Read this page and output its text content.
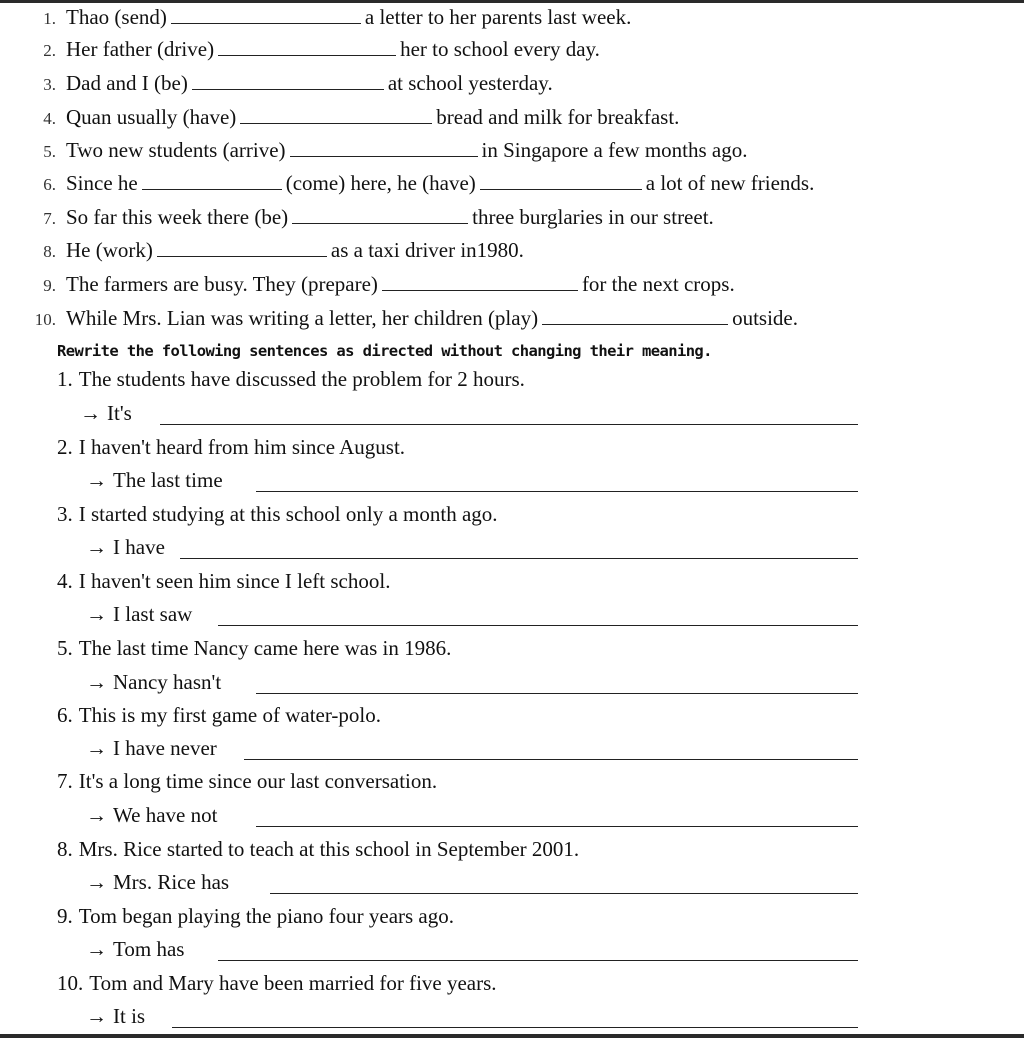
1. Thao (send)	a letter to her parents last week.
2. Her father (drive)	her to school every day.
3. Dad and I (be)	at school yesterday.
4. Quan usually (have)	bread and milk for breakfast.
5. Two new students (arrive)	in Singapore a few months ago.
6. Since he	(come) here, he (have)	a lot of new friends.
7. So far this week there (be)	three burglaries in our street.
8. He (work)	as a taxi driver in1980.
9. The farmers are busy. They (prepare)	for the next crops.
10. While Mrs. Lian was writing a letter, her children (play)	outside.
Rewrite the following sentences as directed without changing their meaning.
1. The students have discussed the problem for 2 hours.
→ It's
2. I haven't heard from him since August.
→ The last time
3. I started studying at this school only a month ago.
→ I have
4. I haven't seen him since I left school.
→ I last saw
5. The last time Nancy came here was in 1986.
→ Nancy hasn't
6. This is my first game of water-polo.
→ I have never
7. It's a long time since our last conversation.
→ We have not
8. Mrs. Rice started to teach at this school in September 2001.
→ Mrs. Rice has
9. Tom began playing the piano four years ago.
→ Tom has
10. Tom and Mary have been married for five years.
→ It is
